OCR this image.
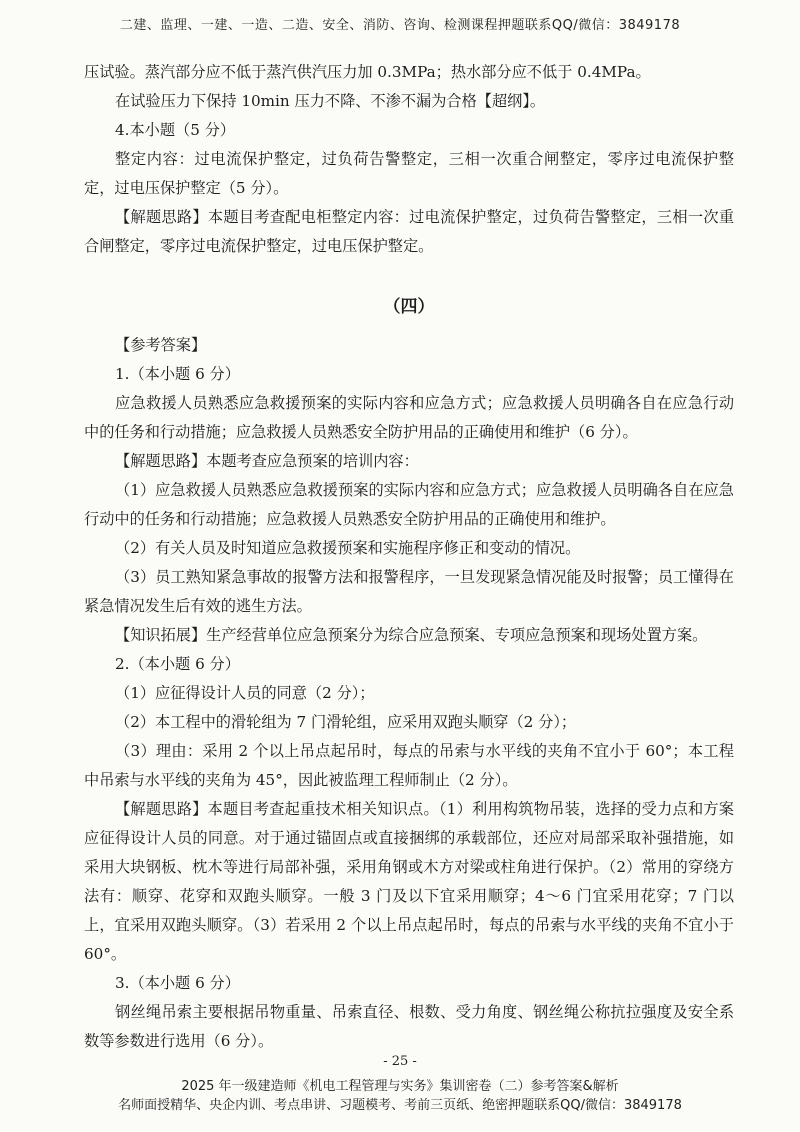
二建、监理、一建、一造、二造、安全、消防、咨询、检测课程押题联系QQ/微信：3849178

压试验。蒸汽部分应不低于蒸汽供汽压力加 0.3MPa；热水部分应不低于 0.4MPa。

在试验压力下保持 10min 压力不降、不渗不漏为合格【超纲】。

4.本小题（5 分）

整定内容：过电流保护整定，过负荷告警整定，三相一次重合闸整定，零序过电流保护整定，过电压保护整定（5 分）。

【解题思路】本题目考查配电柜整定内容：过电流保护整定，过负荷告警整定，三相一次重合闸整定，零序过电流保护整定，过电压保护整定。

（四）

【参考答案】

1.（本小题 6 分）

应急救援人员熟悉应急救援预案的实际内容和应急方式；应急救援人员明确各自在应急行动中的任务和行动措施；应急救援人员熟悉安全防护用品的正确使用和维护（6 分）。

【解题思路】本题考查应急预案的培训内容：

（1）应急救援人员熟悉应急救援预案的实际内容和应急方式；应急救援人员明确各自在应急行动中的任务和行动措施；应急救援人员熟悉安全防护用品的正确使用和维护。

（2）有关人员及时知道应急救援预案和实施程序修正和变动的情况。

（3）员工熟知紧急事故的报警方法和报警程序，一旦发现紧急情况能及时报警；员工懂得在紧急情况发生后有效的逃生方法。

【知识拓展】生产经营单位应急预案分为综合应急预案、专项应急预案和现场处置方案。

2.（本小题 6 分）

（1）应征得设计人员的同意（2 分）；

（2）本工程中的滑轮组为 7 门滑轮组，应采用双跑头顺穿（2 分）；

（3）理由：采用 2 个以上吊点起吊时，每点的吊索与水平线的夹角不宜小于 60°；本工程中吊索与水平线的夹角为 45°，因此被监理工程师制止（2 分）。

【解题思路】本题目考查起重技术相关知识点。（1）利用构筑物吊装，选择的受力点和方案应征得设计人员的同意。对于通过锚固点或直接捆绑的承载部位，还应对局部采取补强措施，如采用大块钢板、枕木等进行局部补强，采用角钢或木方对梁或柱角进行保护。（2）常用的穿绕方法有：顺穿、花穿和双跑头顺穿。一般 3 门及以下宜采用顺穿；4～6 门宜采用花穿；7 门以上，宜采用双跑头顺穿。（3）若采用 2 个以上吊点起吊时，每点的吊索与水平线的夹角不宜小于 60°。

3.（本小题 6 分）

钢丝绳吊索主要根据吊物重量、吊索直径、根数、受力角度、钢丝绳公称抗拉强度及安全系数等参数进行选用（6 分）。

- 25 -
2025 年一级建造师《机电工程管理与实务》集训密卷（二）参考答案&解析
名师面授精华、央企内训、考点串讲、习题模考、考前三页纸、绝密押题联系QQ/微信：3849178
